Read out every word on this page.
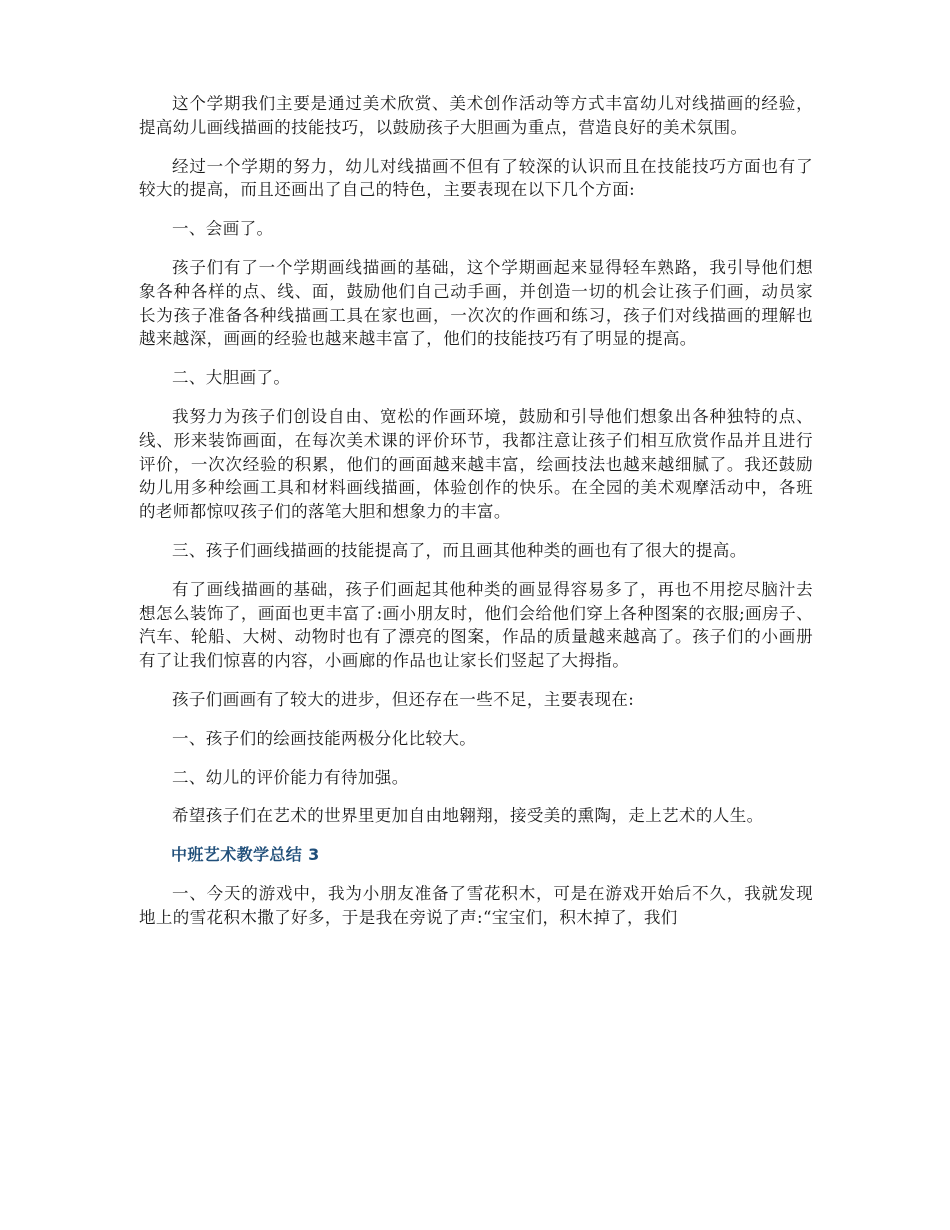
这个学期我们主要是通过美术欣赏、美术创作活动等方式丰富幼儿对线描画的经验，提高幼儿画线描画的技能技巧，以鼓励孩子大胆画为重点，营造良好的美术氛围。

经过一个学期的努力，幼儿对线描画不但有了较深的认识而且在技能技巧方面也有了较大的提高，而且还画出了自己的特色，主要表现在以下几个方面:

一、会画了。

孩子们有了一个学期画线描画的基础，这个学期画起来显得轻车熟路，我引导他们想象各种各样的点、线、面，鼓励他们自己动手画，并创造一切的机会让孩子们画，动员家长为孩子准备各种线描画工具在家也画，一次次的作画和练习，孩子们对线描画的理解也越来越深，画画的经验也越来越丰富了，他们的技能技巧有了明显的提高。

二、大胆画了。

我努力为孩子们创设自由、宽松的作画环境，鼓励和引导他们想象出各种独特的点、线、形来装饰画面，在每次美术课的评价环节，我都注意让孩子们相互欣赏作品并且进行评价，一次次经验的积累，他们的画面越来越丰富，绘画技法也越来越细腻了。我还鼓励幼儿用多种绘画工具和材料画线描画，体验创作的快乐。在全园的美术观摩活动中，各班的老师都惊叹孩子们的落笔大胆和想象力的丰富。

三、孩子们画线描画的技能提高了，而且画其他种类的画也有了很大的提高。

有了画线描画的基础，孩子们画起其他种类的画显得容易多了，再也不用挖尽脑汁去想怎么装饰了，画面也更丰富了:画小朋友时，他们会给他们穿上各种图案的衣服;画房子、汽车、轮船、大树、动物时也有了漂亮的图案，作品的质量越来越高了。孩子们的小画册有了让我们惊喜的内容，小画廊的作品也让家长们竖起了大拇指。

孩子们画画有了较大的进步，但还存在一些不足，主要表现在:

一、孩子们的绘画技能两极分化比较大。

二、幼儿的评价能力有待加强。

希望孩子们在艺术的世界里更加自由地翱翔，接受美的熏陶，走上艺术的人生。

中班艺术教学总结 3

一、今天的游戏中，我为小朋友准备了雪花积木，可是在游戏开始后不久，我就发现地上的雪花积木撒了好多，于是我在旁说了声:“宝宝们，积木掉了，我们
